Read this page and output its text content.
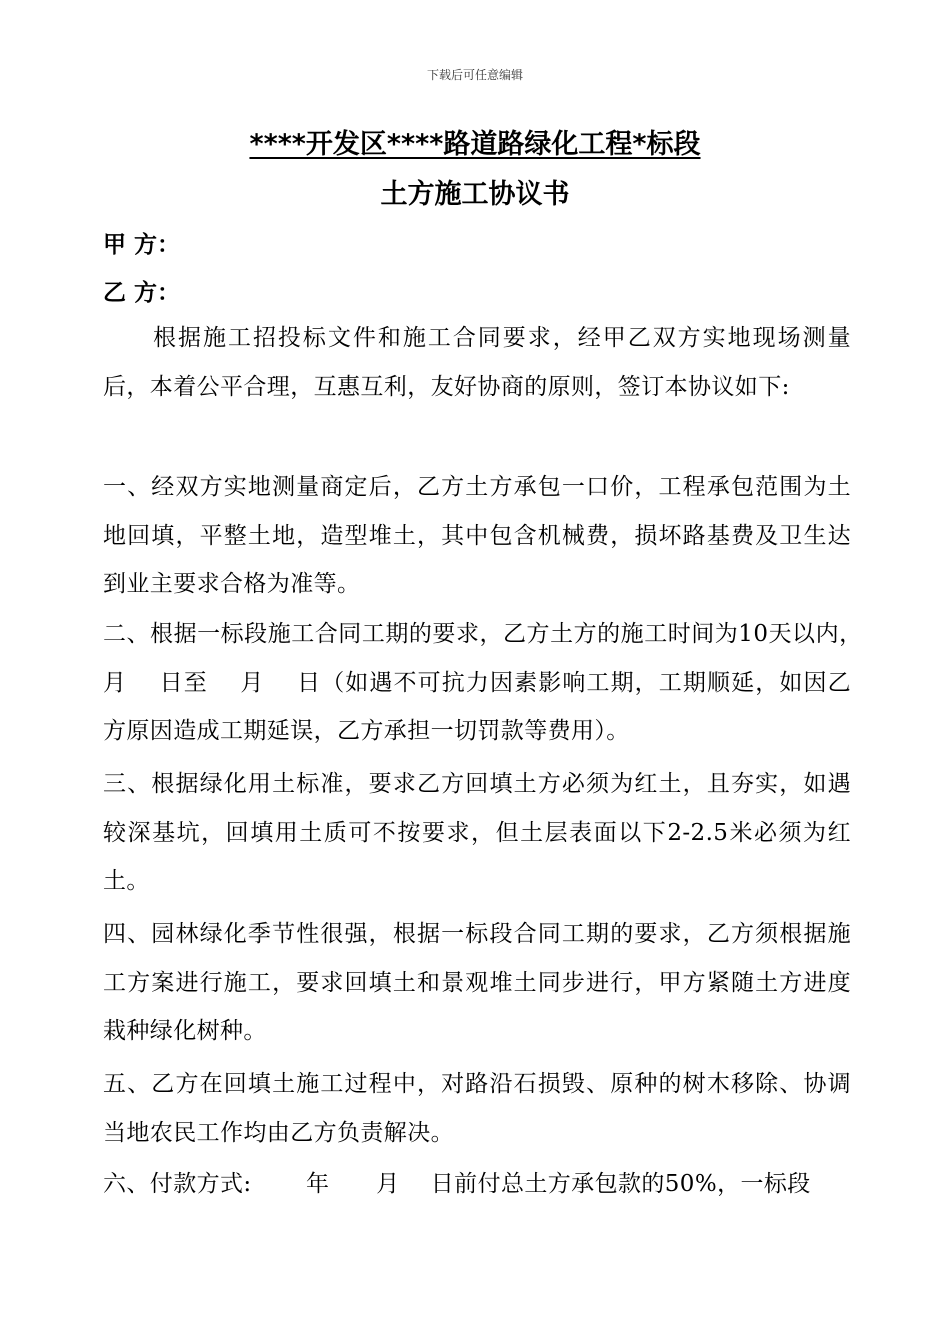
下载后可任意编辑
****开发区****路道路绿化工程*标段
土方施工协议书
甲 方：
乙 方：

根据施工招投标文件和施工合同要求，经甲乙双方实地现场测量后，本着公平合理，互惠互利，友好协商的原则，签订本协议如下:

一、经双方实地测量商定后，乙方土方承包一口价，工程承包范围为土地回填，平整土地，造型堆土，其中包含机械费，损坏路基费及卫生达到业主要求合格为准等。

二、根据一标段施工合同工期的要求，乙方土方的施工时间为10天以内，　 月　 日至　 月　 日（如遇不可抗力因素影响工期，工期顺延，如因乙方原因造成工期延误，乙方承担一切罚款等费用）。

三、根据绿化用土标准，要求乙方回填土方必须为红土，且夯实，如遇较深基坑，回填用土质可不按要求，但土层表面以下2-2.5米必须为红土。

四、园林绿化季节性很强，根据一标段合同工期的要求，乙方须根据施工方案进行施工，要求回填土和景观堆土同步进行，甲方紧随土方进度栽种绿化树种。

五、乙方在回填土施工过程中，对路沿石损毁、原种的树木移除、协调当地农民工作均由乙方负责解决。

六、付款方式:　　 年　　月　 日前付总土方承包款的50%，一标段
